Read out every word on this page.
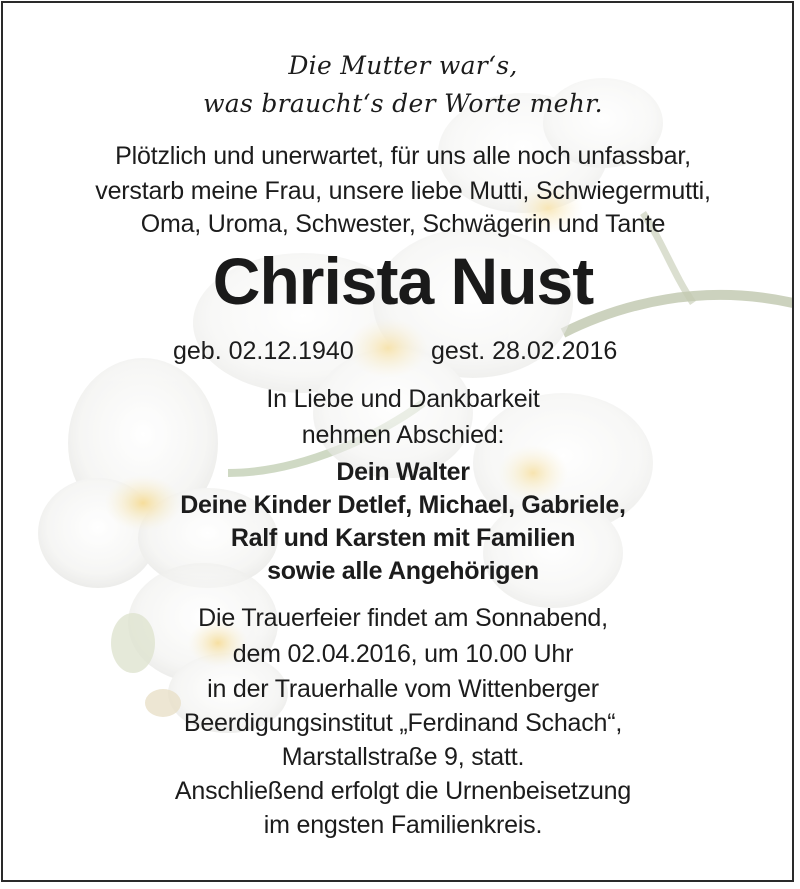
Die Mutter war‘s,
was braucht‘s der Worte mehr.
Plötzlich und unerwartet, für uns alle noch unfassbar,
verstarb meine Frau, unsere liebe Mutti, Schwiegermutti,
Oma, Uroma, Schwester, Schwägerin und Tante
Christa Nust
geb. 02.12.1940	gest. 28.02.2016
In Liebe und Dankbarkeit
nehmen Abschied:
Dein Walter
Deine Kinder Detlef, Michael, Gabriele,
Ralf und Karsten mit Familien
sowie alle Angehörigen
Die Trauerfeier findet am Sonnabend,
dem 02.04.2016, um 10.00 Uhr
in der Trauerhalle vom Wittenberger
Beerdigungsinstitut „Ferdinand Schach“,
Marstallstraße 9, statt.
Anschließend erfolgt die Urnenbeisetzung
im engsten Familienkreis.
